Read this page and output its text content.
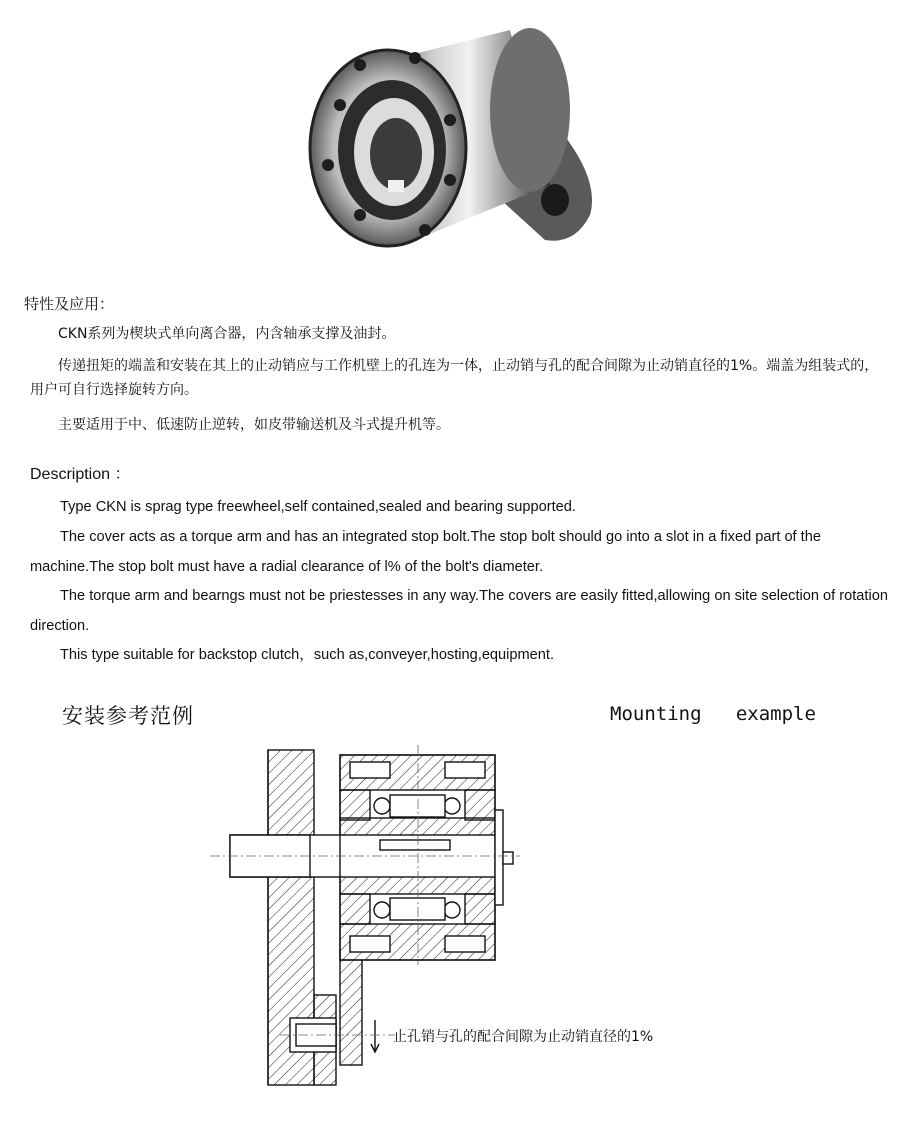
特性及应用：
CKN系列为楔块式单向离合器，内含轴承支撑及油封。
传递扭矩的端盖和安装在其上的止动销应与工作机壁上的孔连为一体，止动销与孔的配合间隙为止动销直径的1%。端盖为组装式的，用户可自行选择旋转方向。
主要适用于中、低速防止逆转，如皮带输送机及斗式提升机等。
Description ：
Type CKN is sprag type freewheel,self contained,sealed and bearing supported.
The cover acts as a torque arm and has an integrated stop bolt.The stop bolt should go into a slot in a fixed part of the machine.The stop bolt must have a radial clearance of l% of the bolt's diameter.
The torque arm and bearngs must not be priestesses in any way.The covers are easily fitted,allowing on site selection of rotation direction.
This type suitable for backstop clutch，such as,conveyer,hosting,equipment.
安装参考范例	Mounting   example
止孔销与孔的配合间隙为止动销直径的1%
